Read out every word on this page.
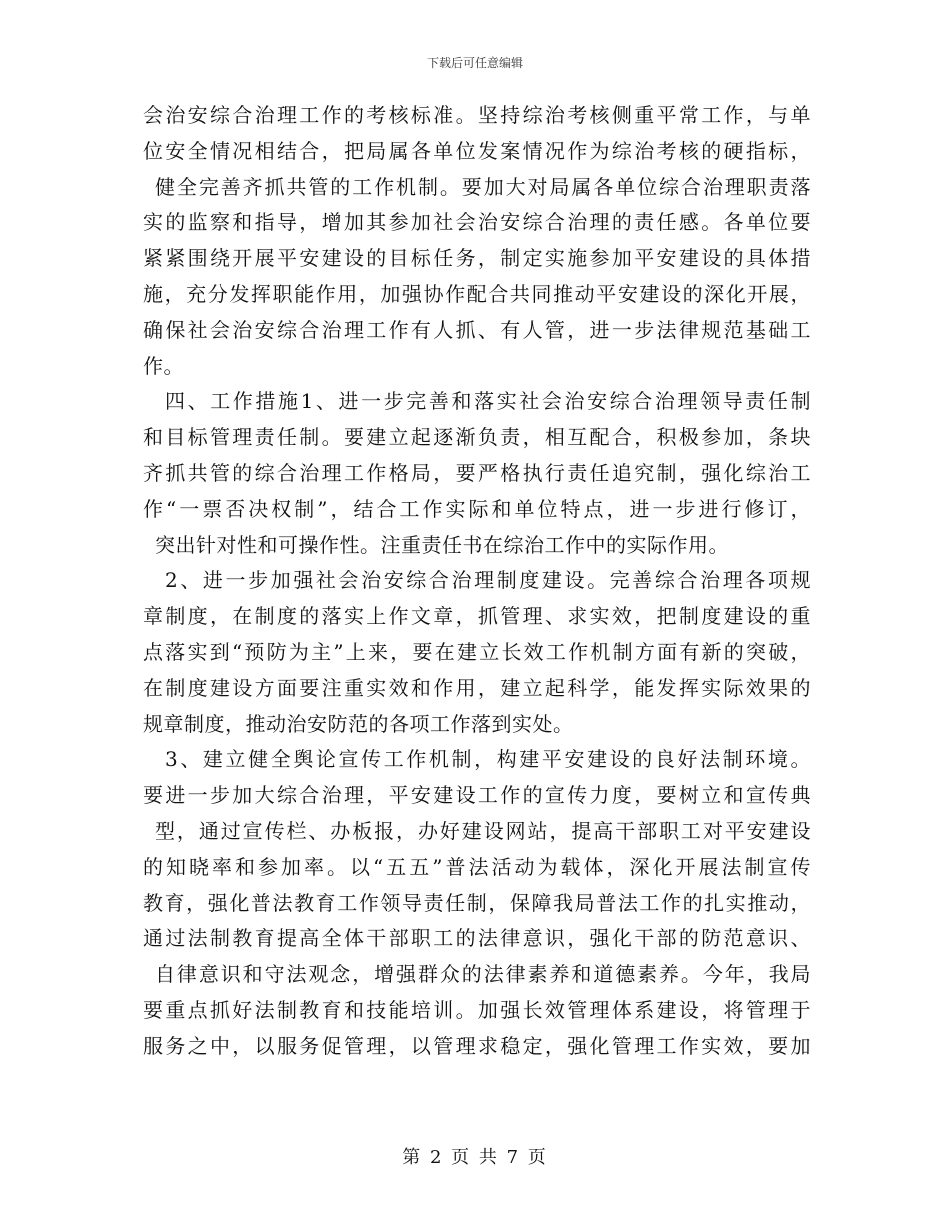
下载后可任意编辑
会治安综合治理工作的考核标准。坚持综治考核侧重平常工作，与单
位安全情况相结合，把局属各单位发案情况作为综治考核的硬指标，
健全完善齐抓共管的工作机制。要加大对局属各单位综合治理职责落
实的监察和指导，增加其参加社会治安综合治理的责任感。各单位要
紧紧围绕开展平安建设的目标任务，制定实施参加平安建设的具体措
施，充分发挥职能作用，加强协作配合共同推动平安建设的深化开展，
确保社会治安综合治理工作有人抓、有人管，进一步法律规范基础工
作。
四、工作措施1、进一步完善和落实社会治安综合治理领导责任制
和目标管理责任制。要建立起逐渐负责，相互配合，积极参加，条块
齐抓共管的综合治理工作格局，要严格执行责任追究制，强化综治工
作“一票否决权制”，结合工作实际和单位特点，进一步进行修订，
突出针对性和可操作性。注重责任书在综治工作中的实际作用。
2、进一步加强社会治安综合治理制度建设。完善综合治理各项规
章制度，在制度的落实上作文章，抓管理、求实效，把制度建设的重
点落实到“预防为主”上来，要在建立长效工作机制方面有新的突破，
在制度建设方面要注重实效和作用，建立起科学，能发挥实际效果的
规章制度，推动治安防范的各项工作落到实处。
3、建立健全舆论宣传工作机制，构建平安建设的良好法制环境。
要进一步加大综合治理，平安建设工作的宣传力度，要树立和宣传典
型，通过宣传栏、办板报，办好建设网站，提高干部职工对平安建设
的知晓率和参加率。以“五五”普法活动为载体，深化开展法制宣传
教育，强化普法教育工作领导责任制，保障我局普法工作的扎实推动，
通过法制教育提高全体干部职工的法律意识，强化干部的防范意识、
自律意识和守法观念，增强群众的法律素养和道德素养。今年，我局
要重点抓好法制教育和技能培训。加强长效管理体系建设，将管理于
服务之中，以服务促管理，以管理求稳定，强化管理工作实效，要加
第 2 页 共 7 页
